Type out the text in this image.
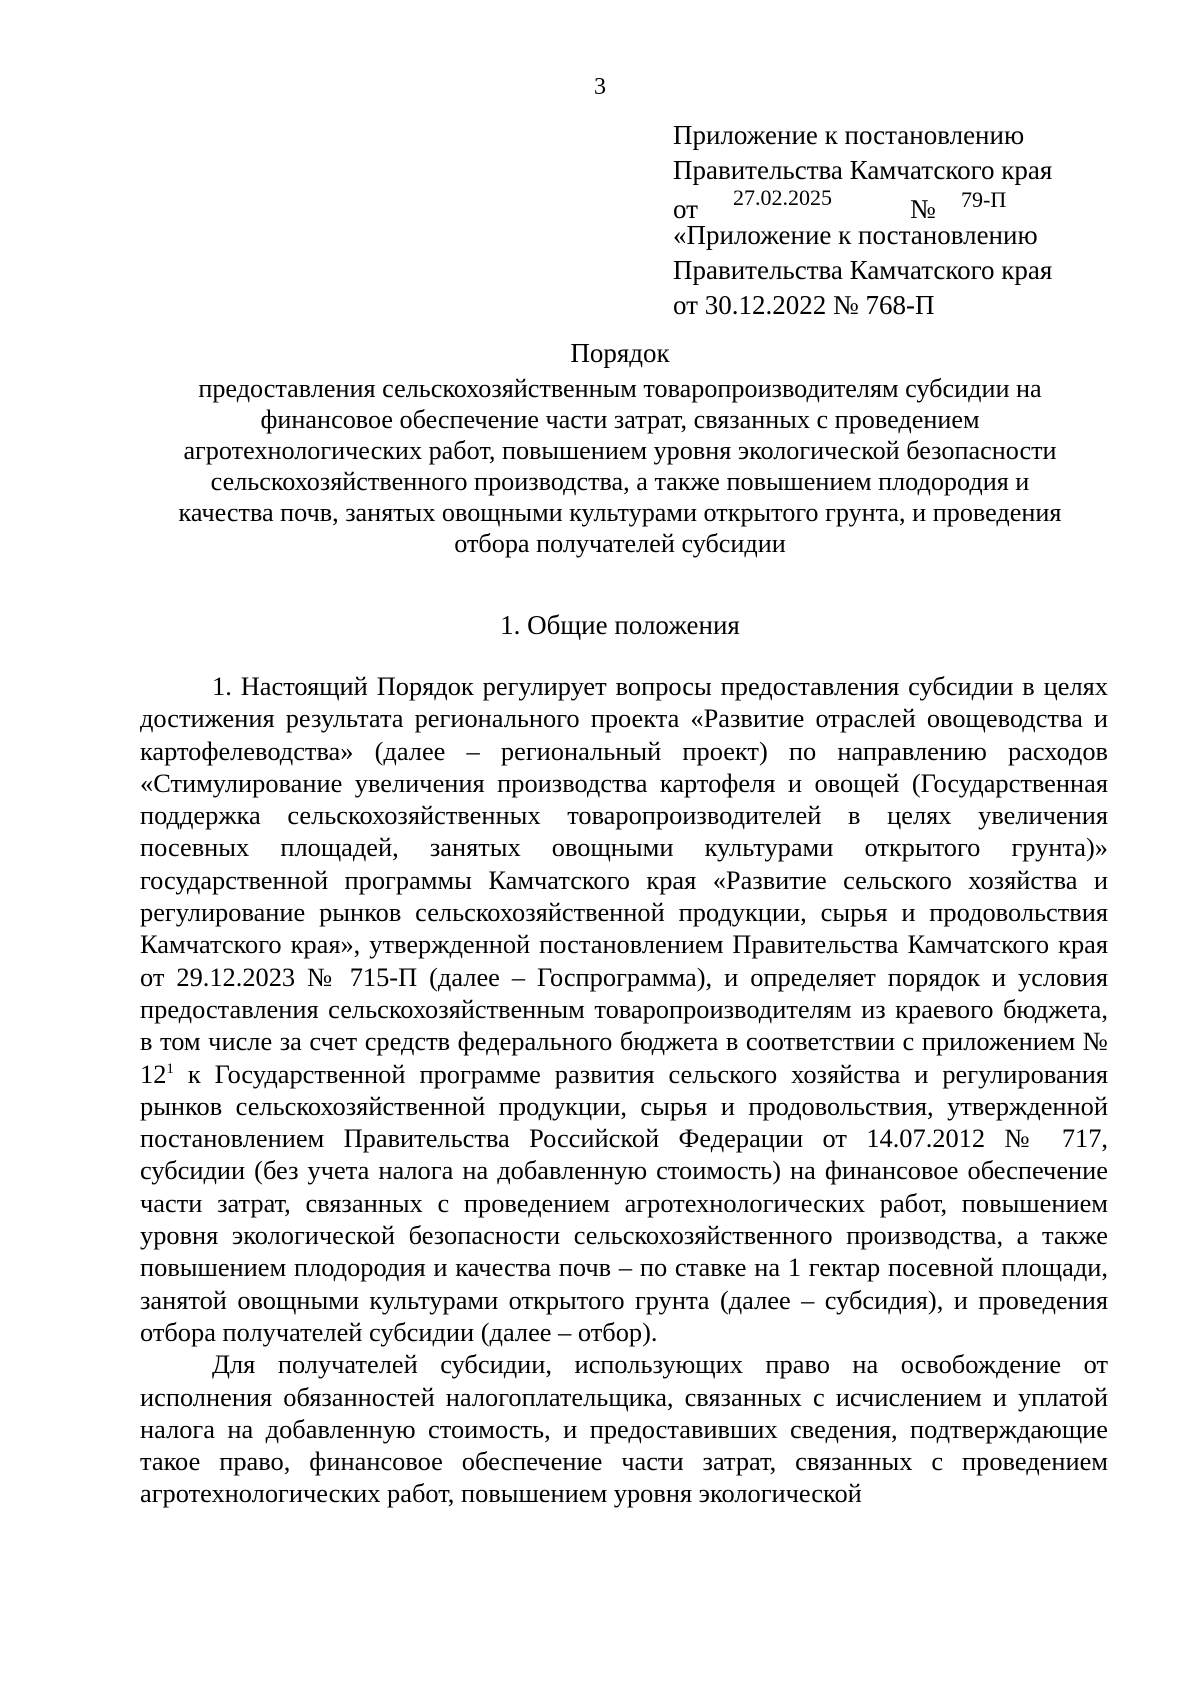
3
Приложение к постановлению
Правительства Камчатского края
от 27.02.2025	№ 79-П
«Приложение к постановлению
Правительства Камчатского края
от 30.12.2022 № 768-П
Порядок
предоставления сельскохозяйственным товаропроизводителям субсидии на
финансовое обеспечение части затрат, связанных с проведением
агротехнологических работ, повышением уровня экологической безопасности
сельскохозяйственного производства, а также повышением плодородия и
качества почв, занятых овощными культурами открытого грунта, и проведения
отбора получателей субсидии
1. Общие положения

1. Настоящий Порядок регулирует вопросы предоставления субсидии в целях достижения результата регионального проекта «Развитие отраслей овощеводства и картофелеводства» (далее – региональный проект) по направлению расходов «Стимулирование увеличения производства картофеля и овощей (Государственная поддержка сельскохозяйственных товаропроизводителей в целях увеличения посевных площадей, занятых овощными культурами открытого грунта)» государственной программы Камчатского края «Развитие сельского хозяйства и регулирование рынков сельскохозяйственной продукции, сырья и продовольствия Камчатского края», утвержденной постановлением Правительства Камчатского края от 29.12.2023 № 715-П (далее – Госпрограмма), и определяет порядок и условия предоставления сельскохозяйственным товаропроизводителям из краевого бюджета, в том числе за счет средств федерального бюджета в соответствии с приложением № $12^1$ к Государственной программе развития сельского хозяйства и регулирования рынков сельскохозяйственной продукции, сырья и продовольствия, утвержденной постановлением Правительства Российской Федерации от 14.07.2012 № 717, субсидии (без учета налога на добавленную стоимость) на финансовое обеспечение части затрат, связанных с проведением агротехнологических работ, повышением уровня экологической безопасности сельскохозяйственного производства, а также повышением плодородия и качества почв – по ставке на 1 гектар посевной площади, занятой овощными культурами открытого грунта (далее – субсидия), и проведения отбора получателей субсидии (далее – отбор).

Для получателей субсидии, использующих право на освобождение от исполнения обязанностей налогоплательщика, связанных с исчислением и уплатой налога на добавленную стоимость, и предоставивших сведения, подтверждающие такое право, финансовое обеспечение части затрат, связанных с проведением агротехнологических работ, повышением уровня экологической
